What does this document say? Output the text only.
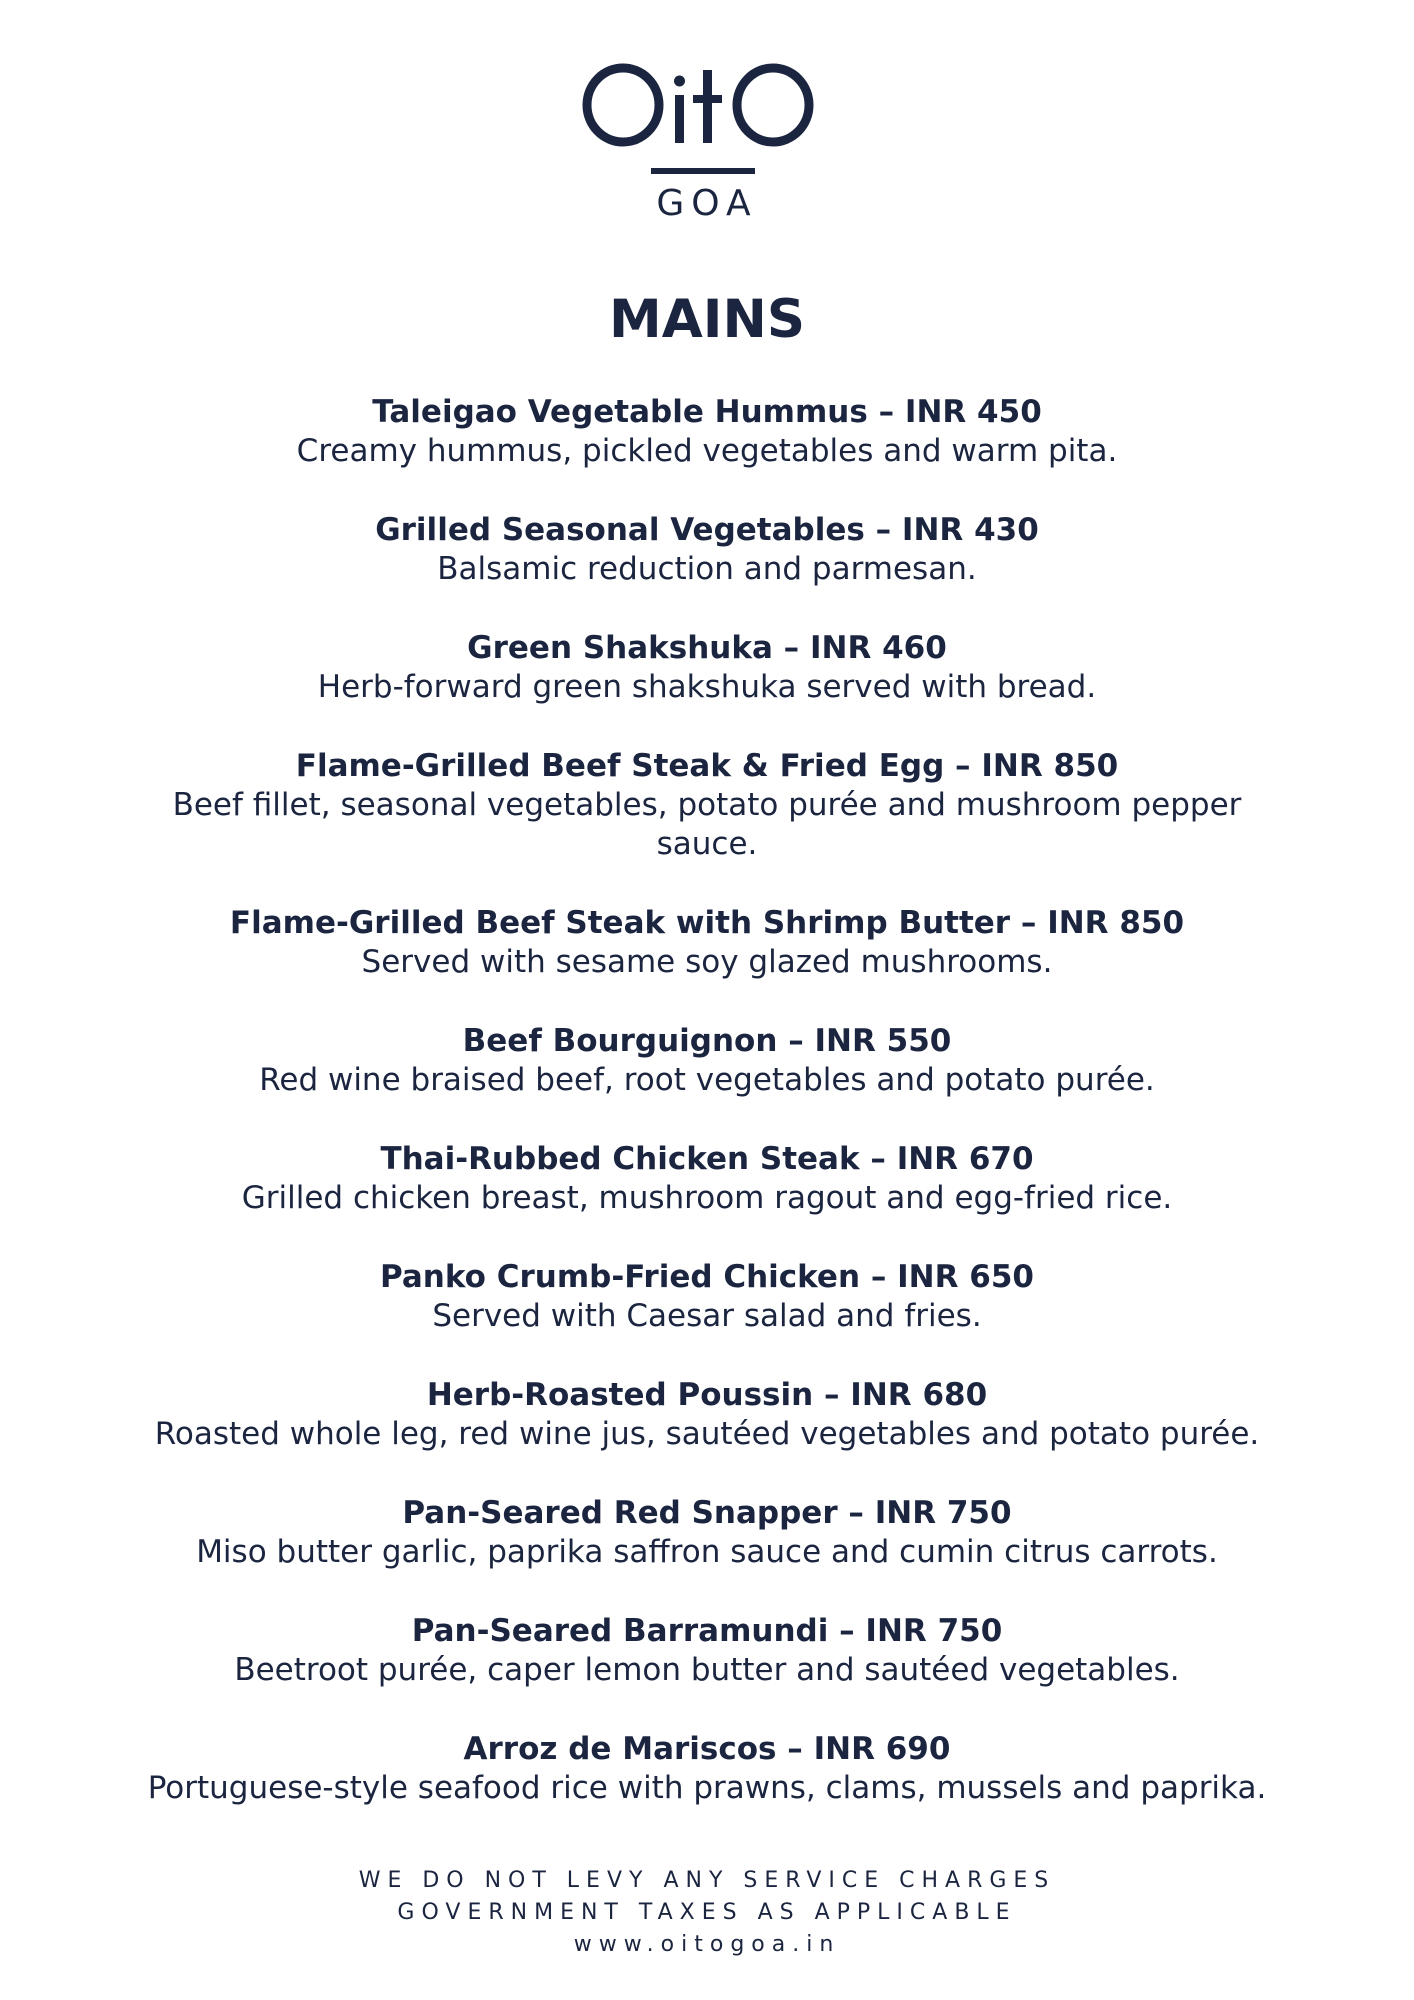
GOA
MAINS
Taleigao Vegetable Hummus – INR 450
Creamy hummus, pickled vegetables and warm pita.
Grilled Seasonal Vegetables – INR 430
Balsamic reduction and parmesan.
Green Shakshuka – INR 460
Herb-forward green shakshuka served with bread.
Flame-Grilled Beef Steak & Fried Egg – INR 850
Beef fillet, seasonal vegetables, potato purée and mushroom pepper sauce.
Flame-Grilled Beef Steak with Shrimp Butter – INR 850
Served with sesame soy glazed mushrooms.
Beef Bourguignon – INR 550
Red wine braised beef, root vegetables and potato purée.
Thai-Rubbed Chicken Steak – INR 670
Grilled chicken breast, mushroom ragout and egg-fried rice.
Panko Crumb-Fried Chicken – INR 650
Served with Caesar salad and fries.
Herb-Roasted Poussin – INR 680
Roasted whole leg, red wine jus, sautéed vegetables and potato purée.
Pan-Seared Red Snapper – INR 750
Miso butter garlic, paprika saffron sauce and cumin citrus carrots.
Pan-Seared Barramundi – INR 750
Beetroot purée, caper lemon butter and sautéed vegetables.
Arroz de Mariscos – INR 690
Portuguese-style seafood rice with prawns, clams, mussels and paprika.
WE DO NOT LEVY ANY SERVICE CHARGES
GOVERNMENT TAXES AS APPLICABLE
www.oitogoa.in
